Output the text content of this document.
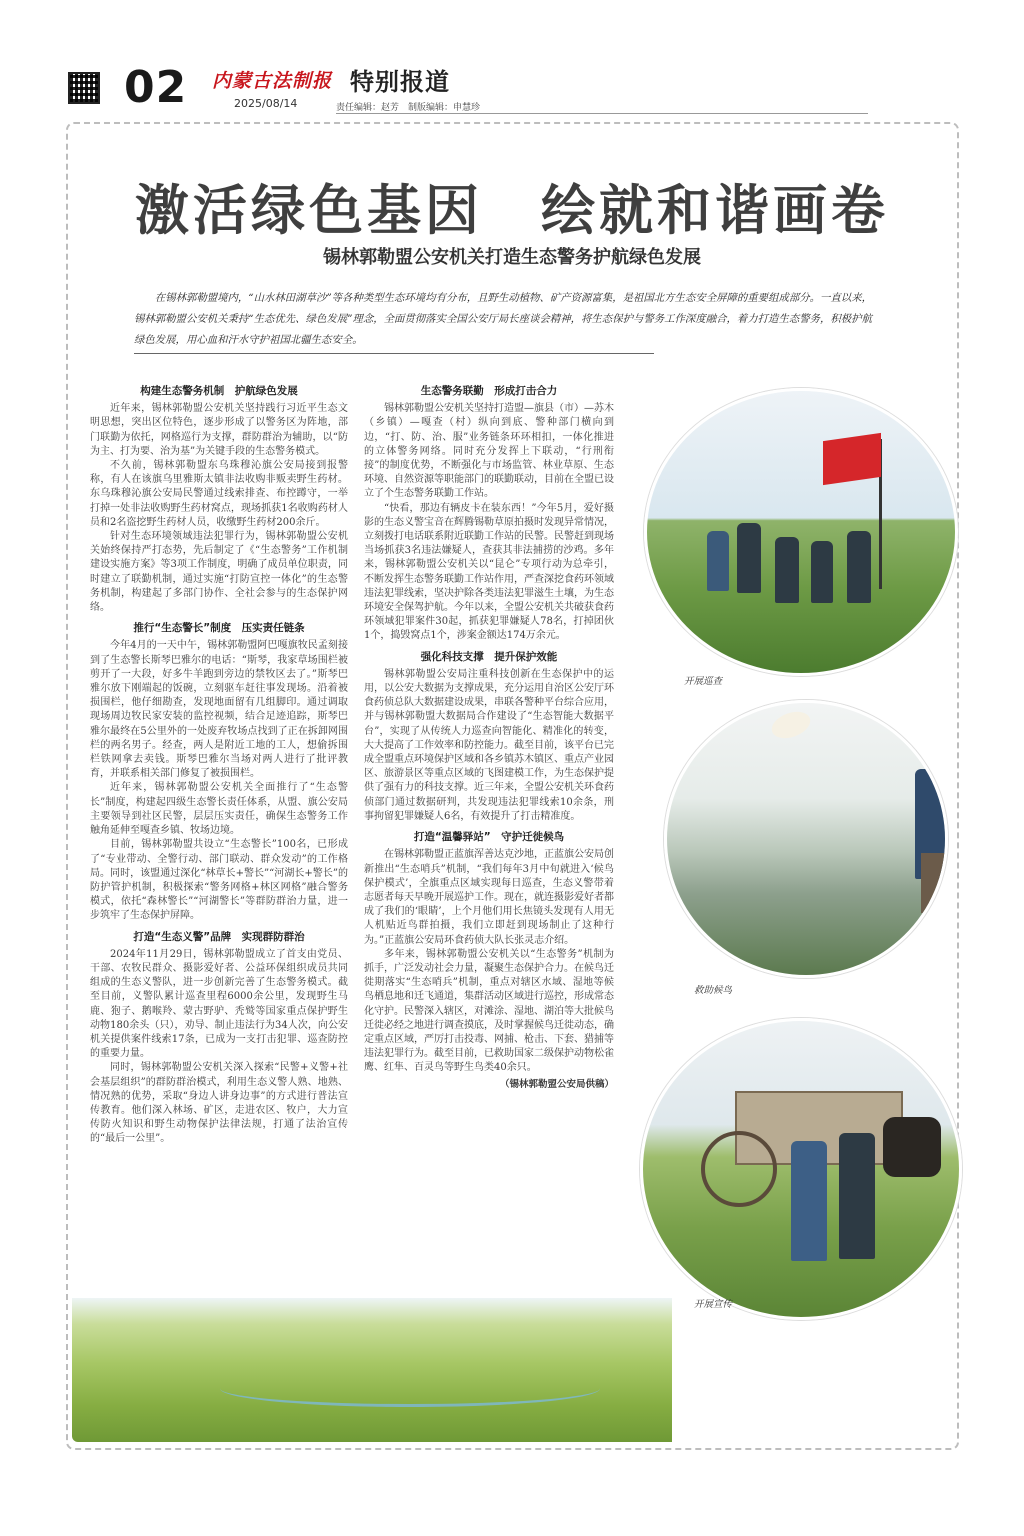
02 内蒙古法制报
2025/08/14
特别报道
责任编辑：赵芳　制版编辑：申慧珍
激活绿色基因　绘就和谐画卷
锡林郭勒盟公安机关打造生态警务护航绿色发展
在锡林郭勒盟境内，“山水林田湖草沙”等各种类型生态环境均有分布，且野生动植物、矿产资源富集，是祖国北方生态安全屏障的重要组成部分。一直以来，锡林郭勒盟公安机关秉持“生态优先、绿色发展”理念，全面贯彻落实全国公安厅局长座谈会精神，将生态保护与警务工作深度融合，着力打造生态警务，积极护航绿色发展，用心血和汗水守护祖国北疆生态安全。
构建生态警务机制　护航绿色发展

近年来，锡林郭勒盟公安机关坚持践行习近平生态文明思想，突出区位特色，逐步形成了以警务区为阵地，部门联勤为依托，网格巡行为支撑，群防群治为辅助，以“防为主、打为要、治为基”为关键手段的生态警务模式。

不久前，锡林郭勒盟东乌珠穆沁旗公安局接到报警称，有人在该旗乌里雅斯太镇非法收购非贩卖野生药材。东乌珠穆沁旗公安局民警通过线索排查、布控蹲守，一举打掉一处非法收购野生药材窝点，现场抓获1名收购药材人员和2名盗挖野生药材人员，收缴野生药材200余斤。

针对生态环境领域违法犯罪行为，锡林郭勒盟公安机关始终保持严打态势，先后制定了《“生态警务”工作机制建设实施方案》等3项工作制度，明确了成员单位职责，同时建立了联勤机制，通过实施“打防宣控一体化”的生态警务机制，构建起了多部门协作、全社会参与的生态保护网络。

推行“生态警长”制度　压实责任链条

今年4月的一天中午，锡林郭勒盟阿巴嘎旗牧民孟刻接到了生态警长斯琴巴雅尔的电话：“斯琴，我家草场围栏被剪开了一大段，好多牛羊跑到旁边的禁牧区去了。”斯琴巴雅尔放下刚端起的饭碗，立刻驱车赶往事发现场。沿着被损围栏，他仔细勘查，发现地面留有几组脚印。通过调取现场周边牧民家安装的监控视频，结合足迹追踪，斯琴巴雅尔最终在5公里外的一处废弃牧场点找到了正在拆卸网围栏的两名男子。经查，两人是附近工地的工人，想偷拆围栏铁网拿去卖钱。斯琴巴雅尔当场对两人进行了批评教育，并联系相关部门修复了被损围栏。

近年来，锡林郭勒盟公安机关全面推行了“生态警长”制度，构建起四级生态警长责任体系，从盟、旗公安局主要领导到社区民警，层层压实责任，确保生态警务工作触角延伸至嘎查乡镇、牧场边境。

目前，锡林郭勒盟共设立“生态警长”100名，已形成了“专业带动、全警行动、部门联动、群众发动”的工作格局。同时，该盟通过深化“林草长+警长”“河湖长+警长”的防护管护机制，积极探索“警务网格+林区网格”融合警务模式，依托“森林警长”“河湖警长”等群防群治力量，进一步筑牢了生态保护屏障。

打造“生态义警”品牌　实现群防群治

2024年11月29日，锡林郭勒盟成立了首支由党员、干部、农牧民群众、摄影爱好者、公益环保组织成员共同组成的生态义警队，进一步创新完善了生态警务模式。截至目前，义警队累计巡查里程6000余公里，发现野生马鹿、狍子、鹅喉羚、蒙古野驴、秃鹫等国家重点保护野生动物180余头（只），劝导、制止违法行为34人次，向公安机关提供案件线索17条，已成为一支打击犯罪、巡查防控的重要力量。

同时，锡林郭勒盟公安机关深入探索“民警+义警+社会基层组织”的群防群治模式，利用生态义警人熟、地熟、情况熟的优势，采取“身边人讲身边事”的方式进行普法宣传教育。他们深入林场、矿区，走进农区、牧户，大力宣传防火知识和野生动物保护法律法规，打通了法治宣传的“最后一公里”。

生态警务联勤　形成打击合力

锡林郭勒盟公安机关坚持打造盟—旗县（市）—苏木（乡镇）—嘎查（村）纵向到底、警种部门横向到边，“打、防、治、服”业务链条环环相扣，一体化推进的立体警务网络。同时充分发挥上下联动，“行刑衔接”的制度优势，不断强化与市场监管、林业草原、生态环境、自然资源等职能部门的联勤联动，目前在全盟已设立了个生态警务联勤工作站。

“快看，那边有辆皮卡在装东西！”今年5月，爱好摄影的生态义警宝音在辉腾锡勒草原拍摄时发现异常情况，立刻拨打电话联系附近联勤工作站的民警。民警赶到现场当场抓获3名违法嫌疑人，查获其非法捕捞的沙鸡。多年来，锡林郭勒盟公安机关以“昆仑”专项行动为总牵引，不断发挥生态警务联勤工作站作用，严查深挖食药环领域违法犯罪线索，坚决护除各类违法犯罪滋生土壤，为生态环境安全保驾护航。今年以来，全盟公安机关共破获食药环领域犯罪案件30起，抓获犯罪嫌疑人78名，打掉团伙1个，捣毁窝点1个，涉案金额达174万余元。

强化科技支撑　提升保护效能

锡林郭勒盟公安局注重科技创新在生态保护中的运用，以公安大数据为支撑成果，充分运用自治区公安厅环食药侦总队大数据建设成果，串联各警种平台综合应用，并与锡林郭勒盟大数据局合作建设了“生态智能大数据平台”，实现了从传统人力巡查向智能化、精准化的转变，大大提高了工作效率和防控能力。截至目前，该平台已完成全盟重点环境保护区域和各乡镇苏木镇区、重点产业园区、旅游景区等重点区域的飞图建模工作，为生态保护提供了强有力的科技支撑。近三年来，全盟公安机关环食药侦部门通过数据研判，共发现违法犯罪线索10余条，刑事拘留犯罪嫌疑人6名，有效提升了打击精准度。

打造“温馨驿站”　守护迁徙候鸟

在锡林郭勒盟正蓝旗浑善达克沙地，正蓝旗公安局创新推出“生态哨兵”机制，“我们每年3月中旬就进入‘候鸟保护模式’，全旗重点区域实现每日巡查，生态义警带着志愿者每天早晚开展巡护工作。现在，就连摄影爱好者都成了我们的‘眼睛’，上个月他们用长焦镜头发现有人用无人机贴近鸟群拍摄，我们立即赶到现场制止了这种行为。”正蓝旗公安局环食药侦大队长张灵志介绍。

多年来，锡林郭勒盟公安机关以“生态警务”机制为抓手，广泛发动社会力量，凝聚生态保护合力。在候鸟迁徙期落实“生态哨兵”机制，重点对辖区水域、湿地等候鸟栖息地和迁飞通道，集群活动区域进行巡控，形成常态化守护。民警深入辖区，对滩涂、湿地、湖泊等大批候鸟迁徙必经之地进行调查摸底，及时掌握候鸟迁徙动态，确定重点区域，严厉打击投毒、网捕、枪击、下套、猎捕等违法犯罪行为。截至目前，已救助国家二级保护动物松雀鹰、红隼、百灵鸟等野生鸟类40余只。

（锡林郭勒盟公安局供稿）
开展巡查
救助候鸟
开展宣传
